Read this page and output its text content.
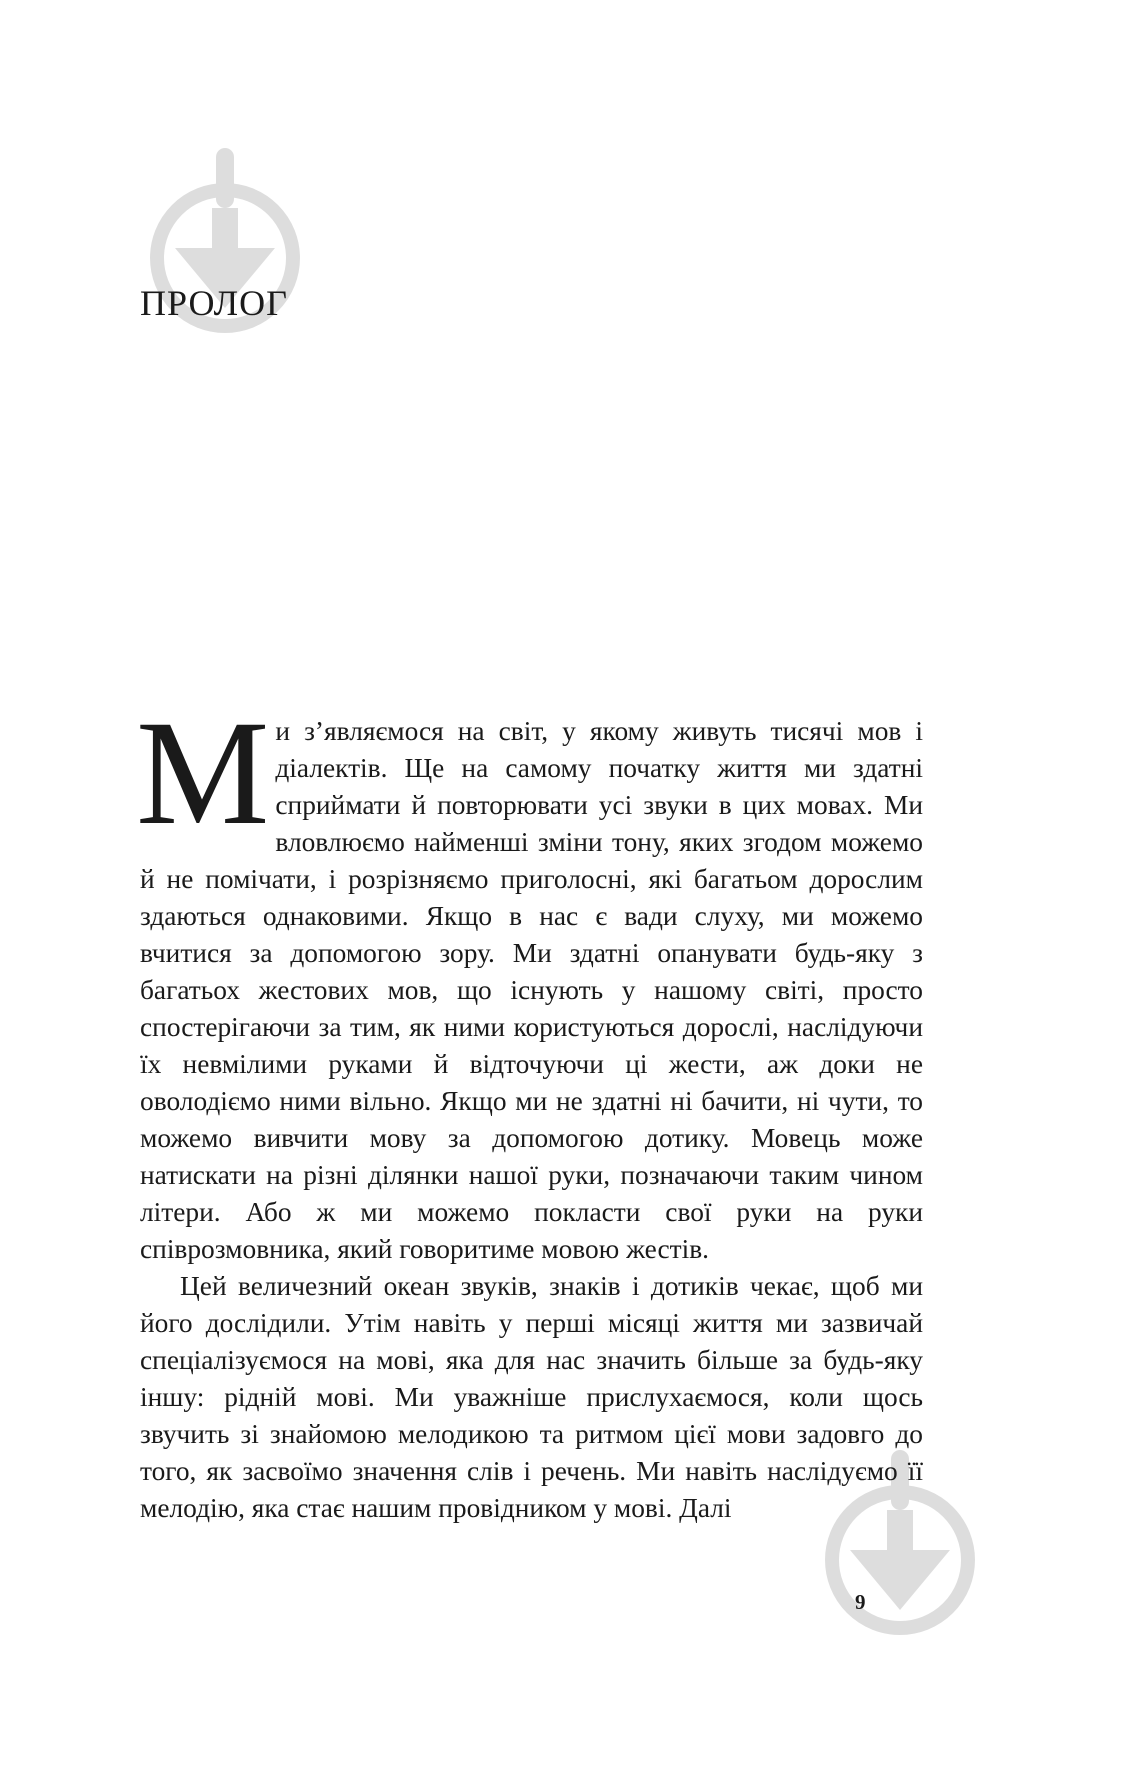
ПРОЛОГ

Ми з’являємося на світ, у якому живуть тисячі мов і діалектів. Ще на самому початку життя ми здатні сприймати й повторювати усі звуки в цих мовах. Ми вловлюємо найменші зміни тону, яких згодом можемо й не помічати, і розрізняємо приголосні, які багатьом дорослим здаються однаковими. Якщо в нас є вади слуху, ми можемо вчитися за допомогою зору. Ми здатні опанувати будь-яку з багатьох жестових мов, що існують у нашому світі, просто спостерігаючи за тим, як ними користуються дорослі, наслідуючи їх невмілими руками й відточуючи ці жести, аж доки не оволодіємо ними вільно. Якщо ми не здатні ні бачити, ні чути, то можемо вивчити мову за допомогою дотику. Мовець може натискати на різні ділянки нашої руки, позначаючи таким чином літери. Або ж ми можемо покласти свої руки на руки співрозмовника, який говоритиме мовою жестів.

Цей величезний океан звуків, знаків і дотиків чекає, щоб ми його дослідили. Утім навіть у перші місяці життя ми зазвичай спеціалізуємося на мові, яка для нас значить більше за будь-яку іншу: рідній мові. Ми уважніше прислухаємося, коли щось звучить зі знайомою мелодикою та ритмом цієї мови задовго до того, як засвоїмо значення слів і речень. Ми навіть наслідуємо її мелодію, яка стає нашим провідником у мові. Далі

9
